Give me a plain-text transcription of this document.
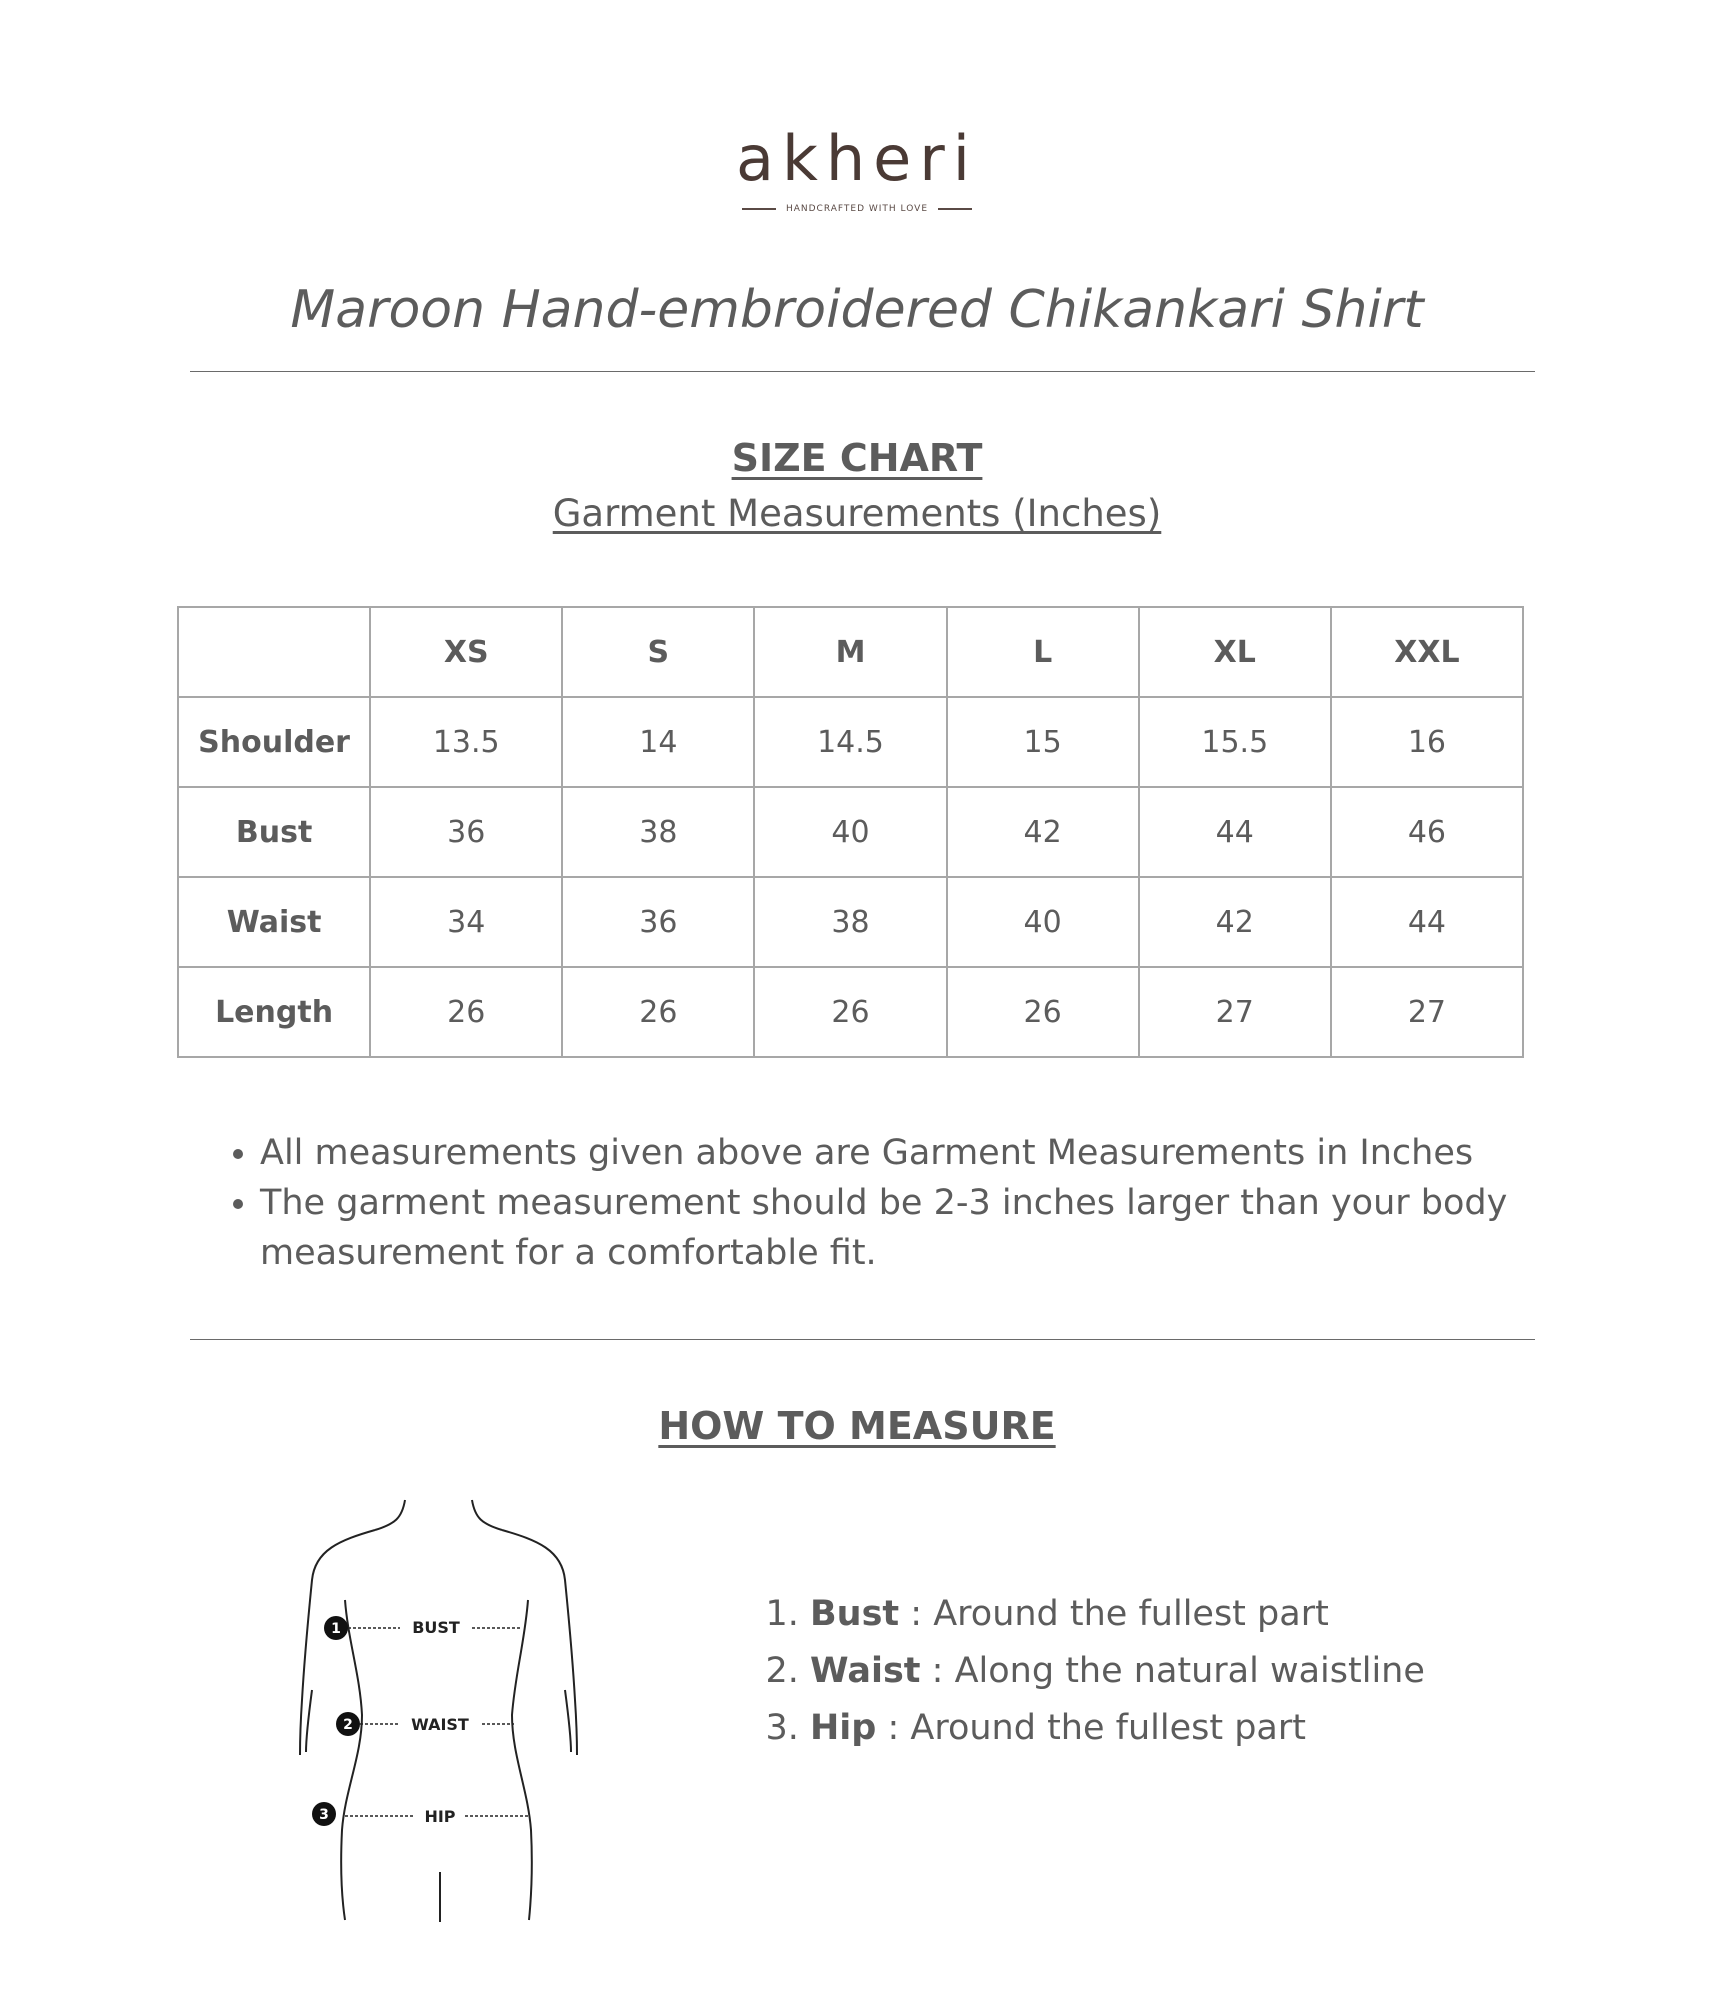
akheri
HANDCRAFTED WITH LOVE
Maroon Hand-embroidered Chikankari Shirt
SIZE CHART
Garment Measurements (Inches)
	XS	S	M	L	XL	XXL
Shoulder	13.5	14	14.5	15	15.5	16
Bust	36	38	40	42	44	46
Waist	34	36	38	40	42	44
Length	26	26	26	26	27	27
• All measurements given above are Garment Measurements in Inches
• The garment measurement should be 2-3 inches larger than your body measurement for a comfortable fit.
HOW TO MEASURE
BUST
WAIST
HIP
1
2
3
1. Bust : Around the fullest part
2. Waist : Along the natural waistline
3. Hip : Around the fullest part
